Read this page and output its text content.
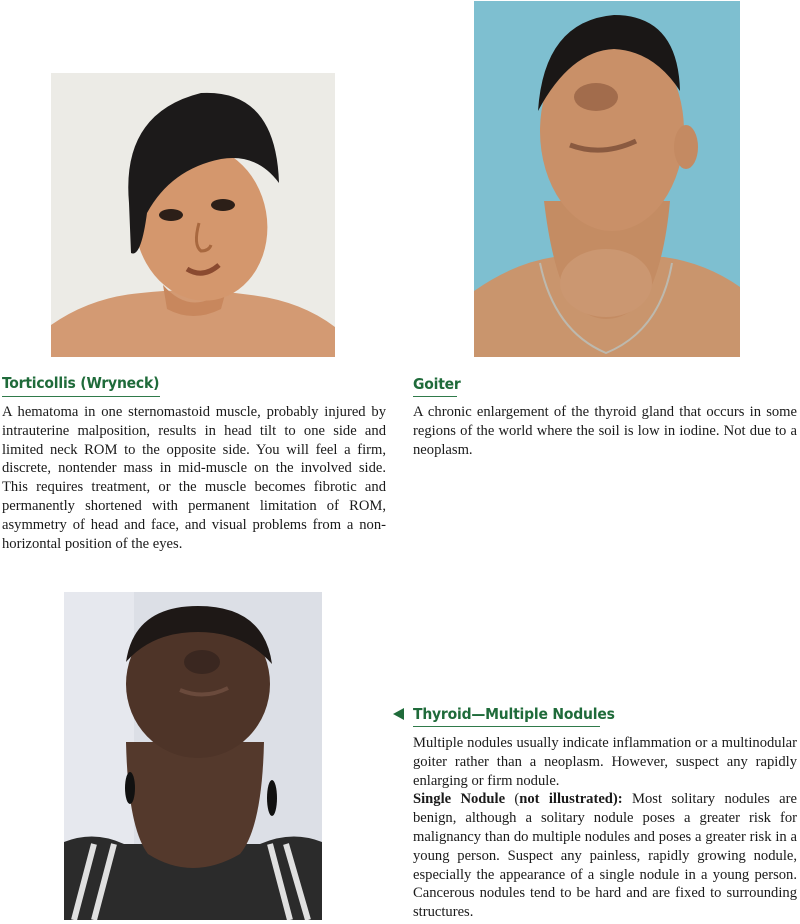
Torticollis (Wryneck)

A hematoma in one sternomastoid muscle, probably injured by intrauterine malposition, results in head tilt to one side and limited neck ROM to the opposite side. You will feel a firm, discrete, nontender mass in mid-muscle on the involved side. This requires treatment, or the muscle becomes fibrotic and permanently shortened with permanent limitation of ROM, asymmetry of head and face, and visual problems from a non-horizontal position of the eyes.

Goiter

A chronic enlargement of the thyroid gland that occurs in some regions of the world where the soil is low in iodine. Not due to a neoplasm.

Thyroid—Multiple Nodules

Multiple nodules usually indicate inflammation or a multinodular goiter rather than a neoplasm. However, suspect any rapidly enlarging or firm nodule.

Single Nodule (not illustrated): Most solitary nodules are benign, although a solitary nodule poses a greater risk for malignancy than do multiple nodules and poses a greater risk in a young person. Suspect any painless, rapidly growing nodule, especially the appearance of a single nodule in a young person. Cancerous nodules tend to be hard and are fixed to surrounding structures.
